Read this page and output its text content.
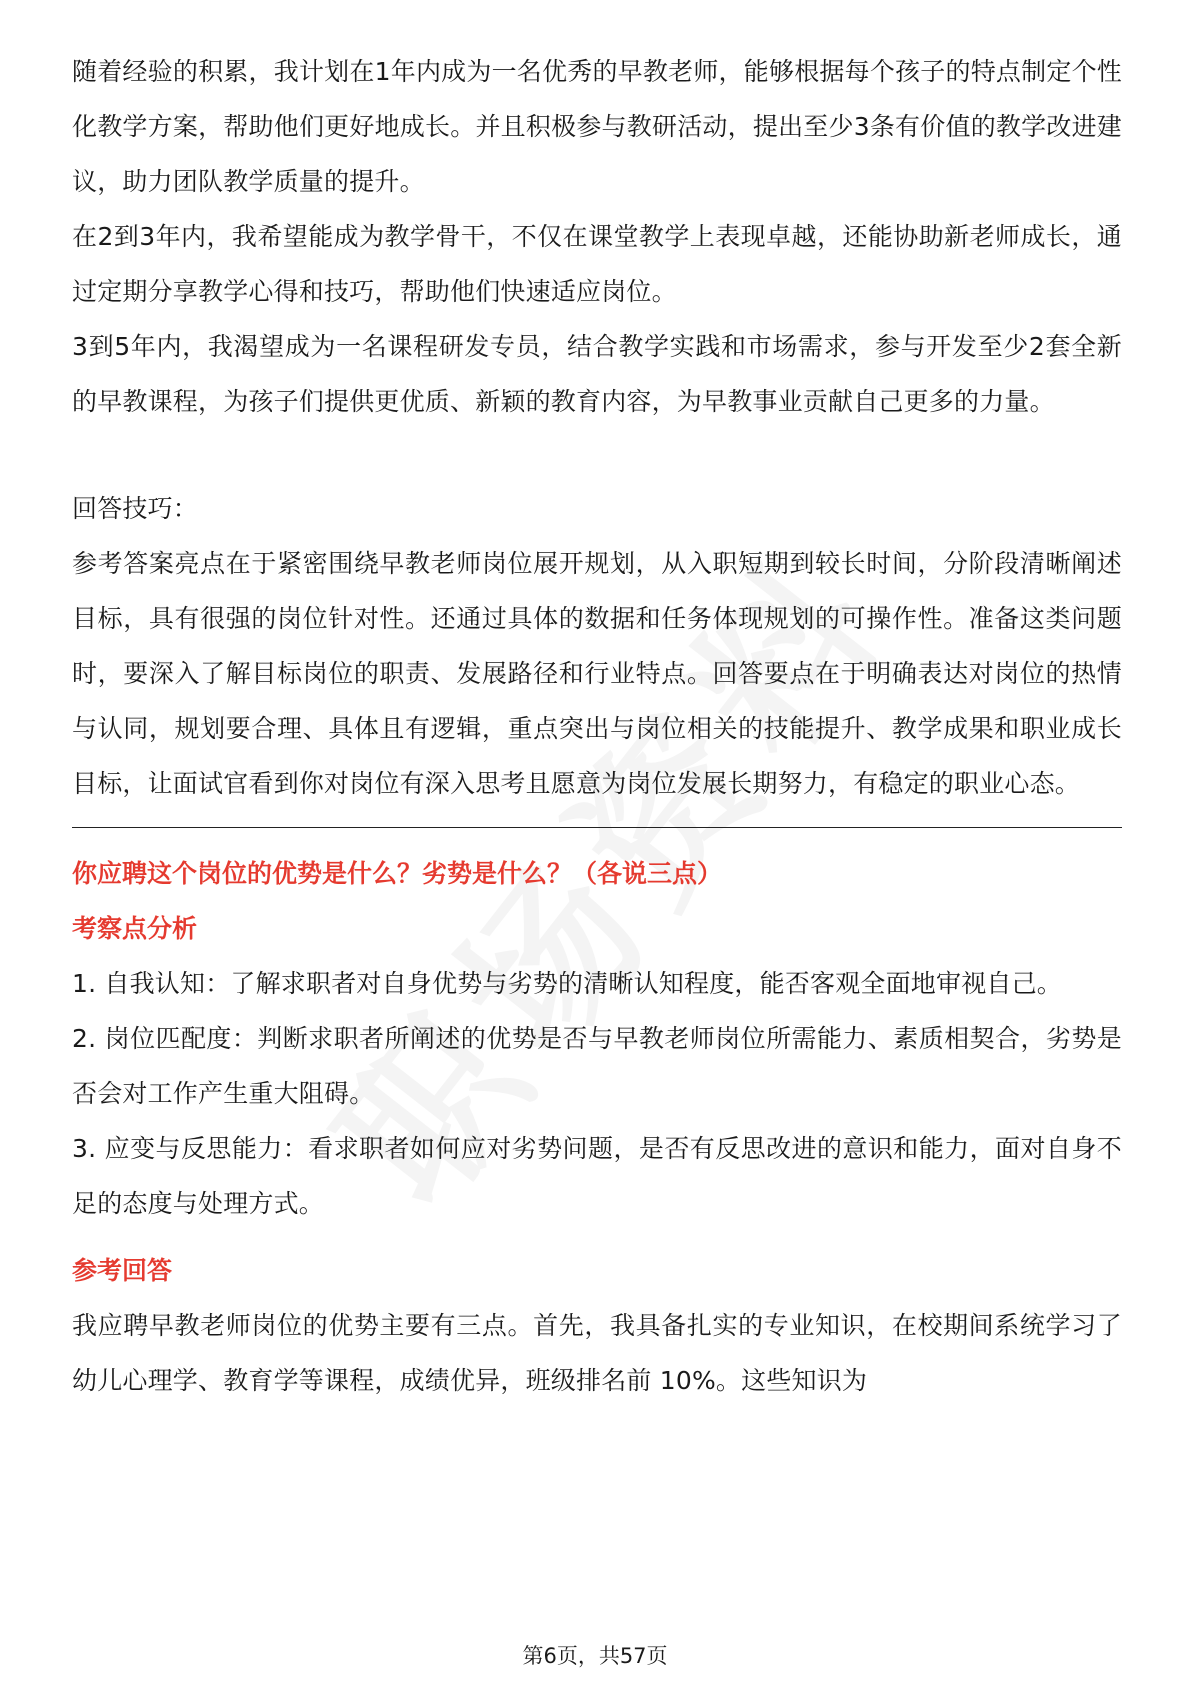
随着经验的积累，我计划在1年内成为一名优秀的早教老师，能够根据每个孩子的特点制定个性化教学方案，帮助他们更好地成长。并且积极参与教研活动，提出至少3条有价值的教学改进建议，助力团队教学质量的提升。

在2到3年内，我希望能成为教学骨干，不仅在课堂教学上表现卓越，还能协助新老师成长，通过定期分享教学心得和技巧，帮助他们快速适应岗位。

3到5年内，我渴望成为一名课程研发专员，结合教学实践和市场需求，参与开发至少2套全新的早教课程，为孩子们提供更优质、新颖的教育内容，为早教事业贡献自己更多的力量。

回答技巧：

参考答案亮点在于紧密围绕早教老师岗位展开规划，从入职短期到较长时间，分阶段清晰阐述目标，具有很强的岗位针对性。还通过具体的数据和任务体现规划的可操作性。准备这类问题时，要深入了解目标岗位的职责、发展路径和行业特点。回答要点在于明确表达对岗位的热情与认同，规划要合理、具体且有逻辑，重点突出与岗位相关的技能提升、教学成果和职业成长目标，让面试官看到你对岗位有深入思考且愿意为岗位发展长期努力，有稳定的职业心态。

你应聘这个岗位的优势是什么？劣势是什么？（各说三点）

考察点分析

1. 自我认知：了解求职者对自身优势与劣势的清晰认知程度，能否客观全面地审视自己。

2. 岗位匹配度：判断求职者所阐述的优势是否与早教老师岗位所需能力、素质相契合，劣势是否会对工作产生重大阻碍。

3. 应变与反思能力：看求职者如何应对劣势问题，是否有反思改进的意识和能力，面对自身不足的态度与处理方式。

参考回答

我应聘早教老师岗位的优势主要有三点。首先，我具备扎实的专业知识，在校期间系统学习了幼儿心理学、教育学等课程，成绩优异，班级排名前 10%。这些知识为

第6页，共57页
